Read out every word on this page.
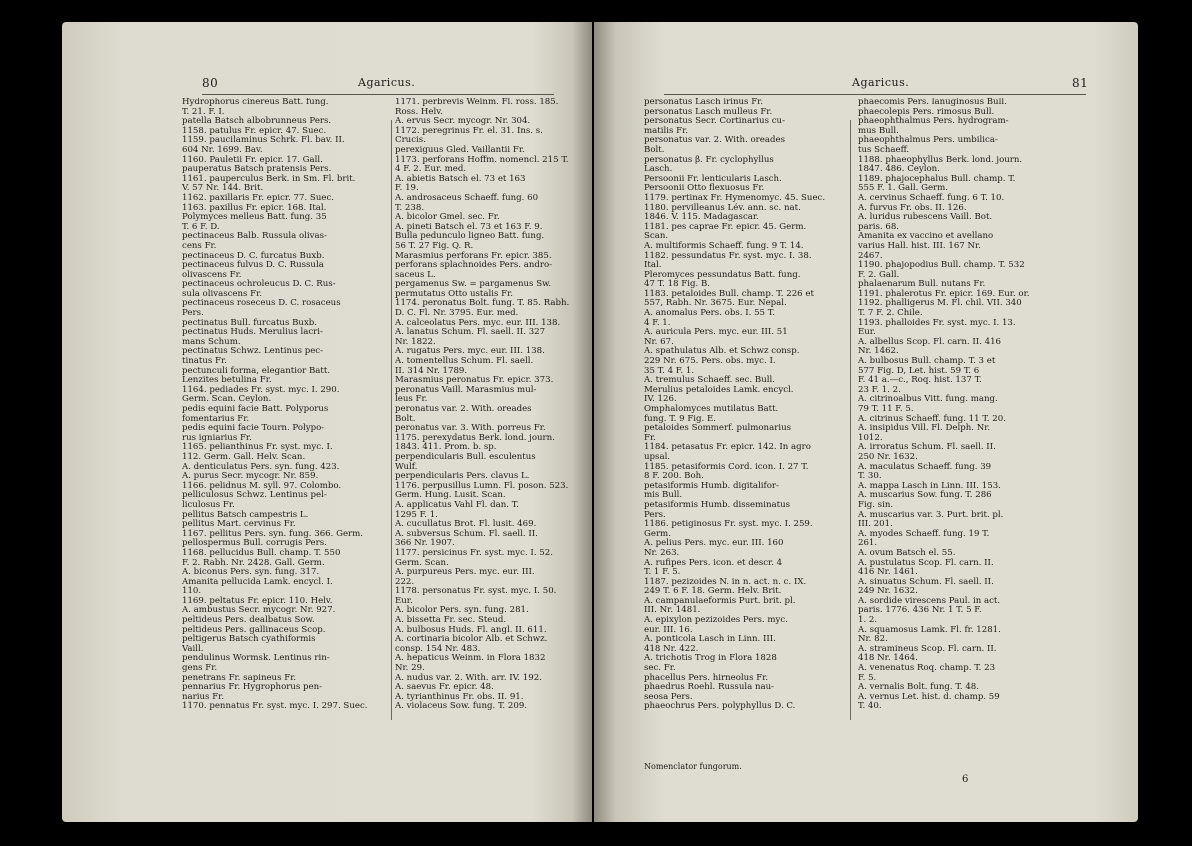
80	Agaricus.
Hydrophorus cinereus Batt. fung.
T. 21. F. I.
patella Batsch albobrunneus Pers.
1158. patulus Fr. epicr. 47. Suec.
1159. paucilaminus Schrk. Fl. bav. II.
604 Nr. 1699. Bav.
1160. Pauletii Fr. epicr. 17. Gall.
pauperatus Batsch pratensis Pers.
1161. pauperculus Berk. in Sm. Fl. brit.
V. 57 Nr. 144. Brit.
1162. paxillaris Fr. epicr. 77. Suec.
1163. paxillus Fr. epicr. 168. Ital.
Polymyces melleus Batt. fung. 35
T. 6 F. D.
pectinaceus Balb. Russula olivas-
cens Fr.
pectinaceus D. C. furcatus Buxb.
pectinaceus fulvus D. C. Russula
olivascens Fr.
pectinaceus ochroleucus D. C. Rus-
sula olivascens Fr.
pectinaceus roseceus D. C. rosaceus
Pers.
pectinatus Bull. furcatus Buxb.
pectinatus Huds. Merulius lacri-
mans Schum.
pectinatus Schwz. Lentinus pec-
tinatus Fr.
pectunculi forma, elegantior Batt.
Lenzites betulina Fr.
1164. pediades Fr. syst. myc. I. 290.
Germ. Scan. Ceylon.
pedis equini facie Batt. Polyporus
fomentarius Fr.
pedis equini facie Tourn. Polypo-
rus igniarius Fr.
1165. pelianthinus Fr. syst. myc. I.
112. Germ. Gall. Helv. Scan.
A. denticulatus Pers. syn. fung. 423.
A. purus Secr. mycogr. Nr. 859.
1166. pelidnus M. syll. 97. Colombo.
pelliculosus Schwz. Lentinus pel-
liculosus Fr.
pellitus Batsch campestris L.
pellitus Mart. cervinus Fr.
1167. pellitus Pers. syn. fung. 366. Germ.
pellospermus Bull. corrugis Pers.
1168. pellucidus Bull. champ. T. 550
F. 2. Rabh. Nr. 2428. Gall. Germ.
A. biconus Pers. syn. fung. 317.
Amanita pellucida Lamk. encycl. I.
110.
1169. peltatus Fr. epicr. 110. Helv.
A. ambustus Secr. mycogr. Nr. 927.
peltideus Pers. dealbatus Sow.
peltideus Pers. gallinaceus Scop.
peltigerus Batsch cyathiformis
Vaill.
pendulinus Wormsk. Lentinus rin-
gens Fr.
penetrans Fr. sapineus Fr.
pennarius Fr. Hygrophorus pen-
narius Fr.
1170. pennatus Fr. syst. myc. I. 297. Suec.
1171. perbrevis Weinm. Fl. ross. 185.
Ross. Helv.
A. ervus Secr. mycogr. Nr. 304.
1172. peregrinus Fr. el. 31. Ins. s.
Crucis.
perexiguus Gled. Vaillantii Fr.
1173. perforans Hoffm. nomencl. 215 T.
4 F. 2. Eur. med.
A. abietis Batsch el. 73 et 163
F. 19.
A. androsaceus Schaeff. fung. 60
T. 238.
A. bicolor Gmel. sec. Fr.
A. pineti Batsch el. 73 et 163 F. 9.
Bulla pedunculo ligneo Batt. fung.
56 T. 27 Fig. Q. R.
Marasmius perforans Fr. epicr. 385.
perforans splachnoides Pers. andro-
saceus L.
pergamenus Sw. = pargamenus Sw.
permutatus Otto ustalis Fr.
1174. peronatus Bolt. fung. T. 85. Rabh.
D. C. Fl. Nr. 3795. Eur. med.
A. calceolatus Pers. myc. eur. III. 138.
A. lanatus Schum. Fl. saell. II. 327
Nr. 1822.
A. rugatus Pers. myc. eur. III. 138.
A. tomentellus Schum. Fl. saell.
II. 314 Nr. 1789.
Marasmius peronatus Fr. epicr. 373.
peronatus Vaill. Marasmius mul-
leus Fr.
peronatus var. 2. With. oreades
Bolt.
peronatus var. 3. With. porreus Fr.
1175. perexydatus Berk. lond. journ.
1843. 411. Prom. b. sp.
perpendicularis Bull. esculentus
Wulf.
perpendicularis Pers. clavus L.
1176. perpusillus Lumn. Fl. poson. 523.
Germ. Hung. Lusit. Scan.
A. applicatus Vahl Fl. dan. T.
1295 F. 1.
A. cucullatus Brot. Fl. lusit. 469.
A. subversus Schum. Fl. saell. II.
366 Nr. 1907.
1177. persicinus Fr. syst. myc. I. 52.
Germ. Scan.
A. purpureus Pers. myc. eur. III.
222.
1178. personatus Fr. syst. myc. I. 50.
Eur.
A. bicolor Pers. syn. fung. 281.
A. bissetta Fr. sec. Steud.
A. bulbosus Huds. Fl. angl. II. 611.
A. cortinaria bicolor Alb. et Schwz.
consp. 154 Nr. 483.
A. hepaticus Weinm. in Flora 1832
Nr. 29.
A. nudus var. 2. With. arr. IV. 192.
A. saevus Fr. epicr. 48.
A. tyrianthinus Fr. obs. II. 91.
A. violaceus Sow. fung. T. 209.
Agaricus.	81
personatus Lasch irinus Fr.
personatus Lasch mulleus Fr.
personatus Secr. Cortinarius cu-
matilis Fr.
personatus var. 2. With. oreades
Bolt.
personatus β. Fr. cyclophyllus
Lasch.
Persoonii Fr. lenticularis Lasch.
Persoonii Otto flexuosus Fr.
1179. pertinax Fr. Hymenomyc. 45. Suec.
1180. pervilleanus Lév. ann. sc. nat.
1846. V. 115. Madagascar.
1181. pes caprae Fr. epicr. 45. Germ.
Scan.
A. multiformis Schaeff. fung. 9 T. 14.
1182. pessundatus Fr. syst. myc. I. 38.
Ital.
Pleromyces pessundatus Batt. fung.
47 T. 18 Fig. B.
1183. petaloides Bull. champ. T. 226 et
557, Rabh. Nr. 3675. Eur. Nepal.
A. anomalus Pers. obs. I. 55 T.
4 F. 1.
A. auricula Pers. myc. eur. III. 51
Nr. 67.
A. spathulatus Alb. et Schwz consp.
229 Nr. 675. Pers. obs. myc. I.
35 T. 4 F. 1.
A. tremulus Schaeff. sec. Bull.
Merulius petaloides Lamk. encycl.
IV. 126.
Omphalomyces mutilatus Batt.
fung. T. 9 Fig. E.
petaloides Sommerf. pulmonarius
Fr.
1184. petasatus Fr. epicr. 142. In agro
upsal.
1185. petasiformis Cord. icon. I. 27 T.
8 F. 200. Boh.
petasiformis Humb. digitalifor-
mis Bull.
petasiformis Humb. disseminatus
Pers.
1186. petiginosus Fr. syst. myc. I. 259.
Germ.
A. pelius Pers. myc. eur. III. 160
Nr. 263.
A. rufipes Pers. icon. et descr. 4
T. 1 F. 5.
1187. pezizoides N. in n. act. n. c. IX.
249 T. 6 F. 18. Germ. Helv. Brit.
A. campanulaeformis Purt. brit. pl.
III. Nr. 1481.
A. epixylon pezizoides Pers. myc.
eur. III. 16.
A. ponticola Lasch in Linn. III.
418 Nr. 422.
A. trichotis Trog in Flora 1828
sec. Fr.
phacellus Pers. hirneolus Fr.
phaedrus Roehl. Russula nau-
seosa Pers.
phaeochrus Pers. polyphyllus D. C.
phaecomis Pers. lanuginosus Bull.
phaecolepis Pers. rimosus Bull.
phaeophthalmus Pers. hydrogram-
mus Bull.
phaeophthalmus Pers. umbilica-
tus Schaeff.
1188. phaeophyllus Berk. lond. journ.
1847. 486. Ceylon.
1189. phajocephalus Bull. champ. T.
555 F. 1. Gall. Germ.
A. cervinus Schaeff. fung. 6 T. 10.
A. furvus Fr. obs. II. 126.
A. luridus rubescens Vaill. Bot.
paris. 68.
Amanita ex vaccino et avellano
varius Hall. hist. III. 167 Nr.
2467.
1190. phajopodius Bull. champ. T. 532
F. 2. Gall.
phalaenarum Bull. nutans Fr.
1191. phalerotus Fr. epicr. 169. Eur. or.
1192. phalligerus M. Fl. chil. VII. 340
T. 7 F. 2. Chile.
1193. phalloides Fr. syst. myc. I. 13.
Eur.
A. albellus Scop. Fl. carn. II. 416
Nr. 1462.
A. bulbosus Bull. champ. T. 3 et
577 Fig. D, Let. hist. 59 T. 6
F. 41 a.—c., Roq. hist. 137 T.
23 F. 1. 2.
A. citrinoalbus Vitt. fung. mang.
79 T. 11 F. 5.
A. citrinus Schaeff. fung. 11 T. 20.
A. insipidus Vill. Fl. Delph. Nr.
1012.
A. irroratus Schum. Fl. saell. II.
250 Nr. 1632.
A. maculatus Schaeff. fung. 39
T. 30.
A. mappa Lasch in Linn. III. 153.
A. muscarius Sow. fung. T. 286
Fig. sin.
A. muscarius var. 3. Purt. brit. pl.
III. 201.
A. myodes Schaeff. fung. 19 T.
261.
A. ovum Batsch el. 55.
A. pustulatus Scop. Fl. carn. II.
416 Nr. 1461.
A. sinuatus Schum. Fl. saell. II.
249 Nr. 1632.
A. sordide virescens Paul. in act.
paris. 1776. 436 Nr. 1 T. 5 F.
1. 2.
A. squamosus Lamk. Fl. fr. 1281.
Nr. 82.
A. stramineus Scop. Fl. carn. II.
418 Nr. 1464.
A. venenatus Roq. champ. T. 23
F. 5.
A. vernalis Bolt. fung. T. 48.
A. vernus Let. hist. d. champ. 59
T. 40.
Nomenclator fungorum.
6
